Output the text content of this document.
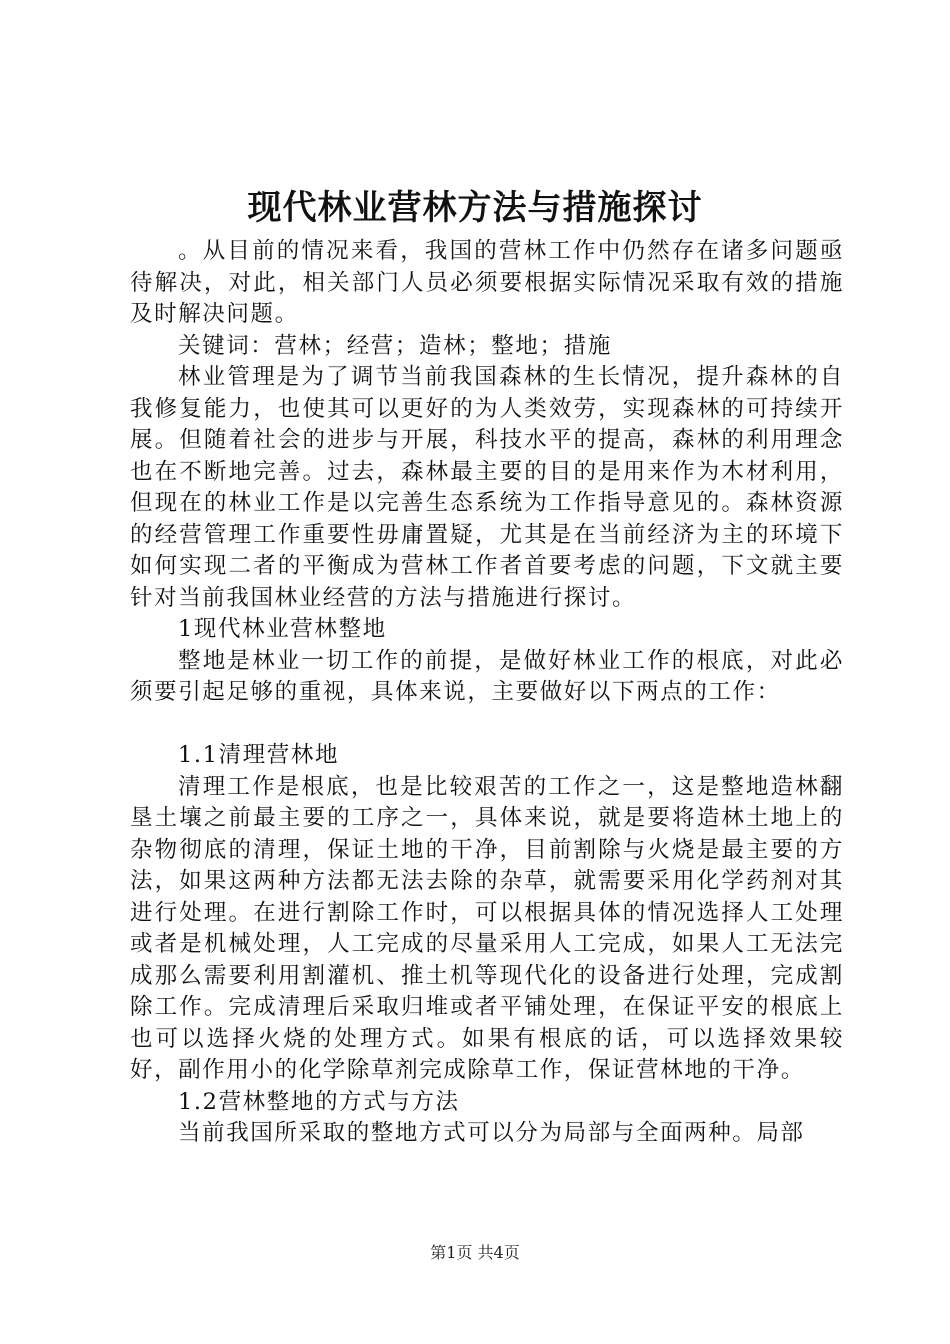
现代林业营林方法与措施探讨

。从目前的情况来看，我国的营林工作中仍然存在诸多问题亟待解决，对此，相关部门人员必须要根据实际情况采取有效的措施及时解决问题。

关键词：营林；经营；造林；整地；措施

林业管理是为了调节当前我国森林的生长情况，提升森林的自我修复能力，也使其可以更好的为人类效劳，实现森林的可持续开展。但随着社会的进步与开展，科技水平的提高，森林的利用理念也在不断地完善。过去，森林最主要的目的是用来作为木材利用，但现在的林业工作是以完善生态系统为工作指导意见的。森林资源的经营管理工作重要性毋庸置疑，尤其是在当前经济为主的环境下如何实现二者的平衡成为营林工作者首要考虑的问题，下文就主要针对当前我国林业经营的方法与措施进行探讨。

1现代林业营林整地

整地是林业一切工作的前提，是做好林业工作的根底，对此必须要引起足够的重视，具体来说，主要做好以下两点的工作：

1.1清理营林地

清理工作是根底，也是比较艰苦的工作之一，这是整地造林翻垦土壤之前最主要的工序之一，具体来说，就是要将造林土地上的杂物彻底的清理，保证土地的干净，目前割除与火烧是最主要的方法，如果这两种方法都无法去除的杂草，就需要采用化学药剂对其进行处理。在进行割除工作时，可以根据具体的情况选择人工处理或者是机械处理，人工完成的尽量采用人工完成，如果人工无法完成那么需要利用割灌机、推土机等现代化的设备进行处理，完成割除工作。完成清理后采取归堆或者平铺处理，在保证平安的根底上也可以选择火烧的处理方式。如果有根底的话，可以选择效果较好，副作用小的化学除草剂完成除草工作，保证营林地的干净。

1.2营林整地的方式与方法

当前我国所采取的整地方式可以分为局部与全面两种。局部

第1页 共4页
